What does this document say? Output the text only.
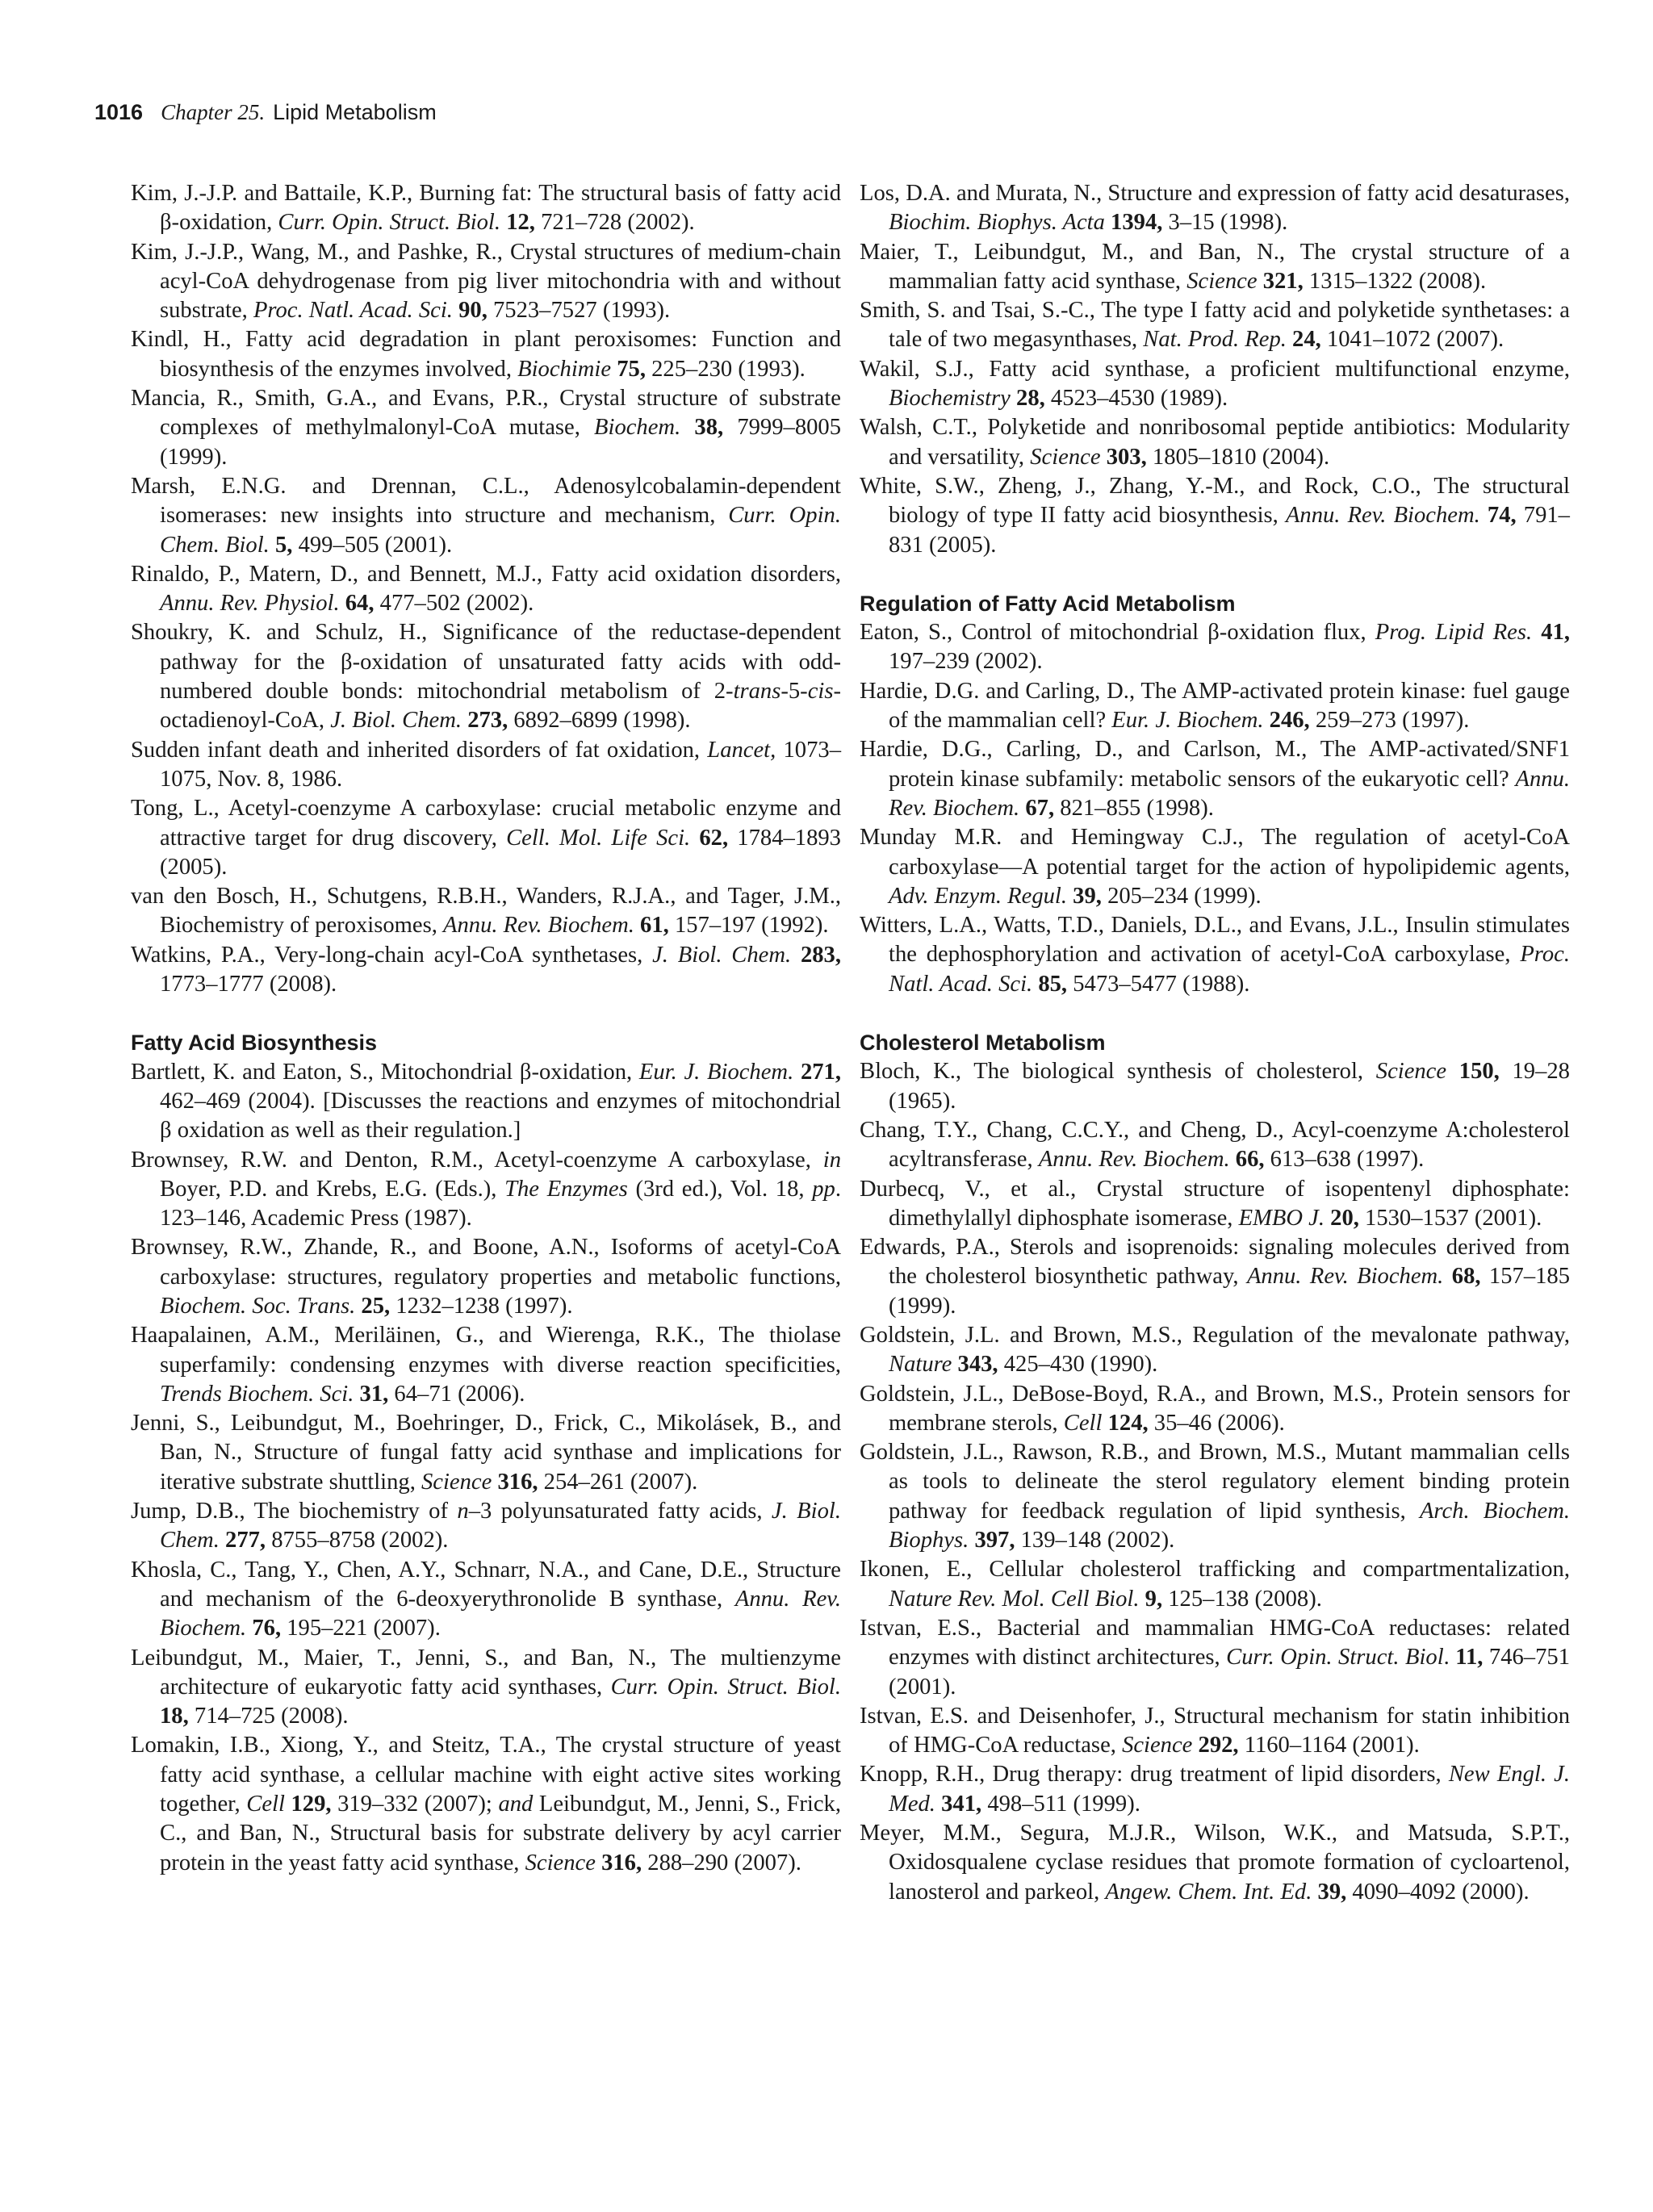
1016 Chapter 25. Lipid Metabolism
Kim, J.-J.P. and Battaile, K.P., Burning fat: The structural basis of fatty acid β-oxidation, Curr. Opin. Struct. Biol. 12, 721–728 (2002).
Kim, J.-J.P., Wang, M., and Pashke, R., Crystal structures of medium-chain acyl-CoA dehydrogenase from pig liver mitochondria with and without substrate, Proc. Natl. Acad. Sci. 90, 7523–7527 (1993).
Kindl, H., Fatty acid degradation in plant peroxisomes: Function and biosynthesis of the enzymes involved, Biochimie 75, 225–230 (1993).
Mancia, R., Smith, G.A., and Evans, P.R., Crystal structure of substrate complexes of methylmalonyl-CoA mutase, Biochem. 38, 7999–8005 (1999).
Marsh, E.N.G. and Drennan, C.L., Adenosylcobalamin-dependent isomerases: new insights into structure and mechanism, Curr. Opin. Chem. Biol. 5, 499–505 (2001).
Rinaldo, P., Matern, D., and Bennett, M.J., Fatty acid oxidation disorders, Annu. Rev. Physiol. 64, 477–502 (2002).
Shoukry, K. and Schulz, H., Significance of the reductase-dependent pathway for the β-oxidation of unsaturated fatty acids with odd-numbered double bonds: mitochondrial metabolism of 2-trans-5-cis-octadienoyl-CoA, J. Biol. Chem. 273, 6892–6899 (1998).
Sudden infant death and inherited disorders of fat oxidation, Lancet, 1073–1075, Nov. 8, 1986.
Tong, L., Acetyl-coenzyme A carboxylase: crucial metabolic enzyme and attractive target for drug discovery, Cell. Mol. Life Sci. 62, 1784–1893 (2005).
van den Bosch, H., Schutgens, R.B.H., Wanders, R.J.A., and Tager, J.M., Biochemistry of peroxisomes, Annu. Rev. Biochem. 61, 157–197 (1992).
Watkins, P.A., Very-long-chain acyl-CoA synthetases, J. Biol. Chem. 283, 1773–1777 (2008).
Fatty Acid Biosynthesis
Bartlett, K. and Eaton, S., Mitochondrial β-oxidation, Eur. J. Biochem. 271, 462–469 (2004). [Discusses the reactions and enzymes of mitochondrial β oxidation as well as their regulation.]
Brownsey, R.W. and Denton, R.M., Acetyl-coenzyme A carboxylase, in Boyer, P.D. and Krebs, E.G. (Eds.), The Enzymes (3rd ed.), Vol. 18, pp. 123–146, Academic Press (1987).
Brownsey, R.W., Zhande, R., and Boone, A.N., Isoforms of acetyl-CoA carboxylase: structures, regulatory properties and metabolic functions, Biochem. Soc. Trans. 25, 1232–1238 (1997).
Haapalainen, A.M., Meriläinen, G., and Wierenga, R.K., The thiolase superfamily: condensing enzymes with diverse reaction specificities, Trends Biochem. Sci. 31, 64–71 (2006).
Jenni, S., Leibundgut, M., Boehringer, D., Frick, C., Mikolásek, B., and Ban, N., Structure of fungal fatty acid synthase and implications for iterative substrate shuttling, Science 316, 254–261 (2007).
Jump, D.B., The biochemistry of n–3 polyunsaturated fatty acids, J. Biol. Chem. 277, 8755–8758 (2002).
Khosla, C., Tang, Y., Chen, A.Y., Schnarr, N.A., and Cane, D.E., Structure and mechanism of the 6-deoxyerythronolide B synthase, Annu. Rev. Biochem. 76, 195–221 (2007).
Leibundgut, M., Maier, T., Jenni, S., and Ban, N., The multienzyme architecture of eukaryotic fatty acid synthases, Curr. Opin. Struct. Biol. 18, 714–725 (2008).
Lomakin, I.B., Xiong, Y., and Steitz, T.A., The crystal structure of yeast fatty acid synthase, a cellular machine with eight active sites working together, Cell 129, 319–332 (2007); and Leibundgut, M., Jenni, S., Frick, C., and Ban, N., Structural basis for substrate delivery by acyl carrier protein in the yeast fatty acid synthase, Science 316, 288–290 (2007).
Los, D.A. and Murata, N., Structure and expression of fatty acid desaturases, Biochim. Biophys. Acta 1394, 3–15 (1998).
Maier, T., Leibundgut, M., and Ban, N., The crystal structure of a mammalian fatty acid synthase, Science 321, 1315–1322 (2008).
Smith, S. and Tsai, S.-C., The type I fatty acid and polyketide synthetases: a tale of two megasynthases, Nat. Prod. Rep. 24, 1041–1072 (2007).
Wakil, S.J., Fatty acid synthase, a proficient multifunctional enzyme, Biochemistry 28, 4523–4530 (1989).
Walsh, C.T., Polyketide and nonribosomal peptide antibiotics: Modularity and versatility, Science 303, 1805–1810 (2004).
White, S.W., Zheng, J., Zhang, Y.-M., and Rock, C.O., The structural biology of type II fatty acid biosynthesis, Annu. Rev. Biochem. 74, 791–831 (2005).
Regulation of Fatty Acid Metabolism
Eaton, S., Control of mitochondrial β-oxidation flux, Prog. Lipid Res. 41, 197–239 (2002).
Hardie, D.G. and Carling, D., The AMP-activated protein kinase: fuel gauge of the mammalian cell? Eur. J. Biochem. 246, 259–273 (1997).
Hardie, D.G., Carling, D., and Carlson, M., The AMP-activated/SNF1 protein kinase subfamily: metabolic sensors of the eukaryotic cell? Annu. Rev. Biochem. 67, 821–855 (1998).
Munday M.R. and Hemingway C.J., The regulation of acetyl-CoA carboxylase—A potential target for the action of hypolipidemic agents, Adv. Enzym. Regul. 39, 205–234 (1999).
Witters, L.A., Watts, T.D., Daniels, D.L., and Evans, J.L., Insulin stimulates the dephosphorylation and activation of acetyl-CoA carboxylase, Proc. Natl. Acad. Sci. 85, 5473–5477 (1988).
Cholesterol Metabolism
Bloch, K., The biological synthesis of cholesterol, Science 150, 19–28 (1965).
Chang, T.Y., Chang, C.C.Y., and Cheng, D., Acyl-coenzyme A:cholesterol acyltransferase, Annu. Rev. Biochem. 66, 613–638 (1997).
Durbecq, V., et al., Crystal structure of isopentenyl diphosphate: dimethylallyl diphosphate isomerase, EMBO J. 20, 1530–1537 (2001).
Edwards, P.A., Sterols and isoprenoids: signaling molecules derived from the cholesterol biosynthetic pathway, Annu. Rev. Biochem. 68, 157–185 (1999).
Goldstein, J.L. and Brown, M.S., Regulation of the mevalonate pathway, Nature 343, 425–430 (1990).
Goldstein, J.L., DeBose-Boyd, R.A., and Brown, M.S., Protein sensors for membrane sterols, Cell 124, 35–46 (2006).
Goldstein, J.L., Rawson, R.B., and Brown, M.S., Mutant mammalian cells as tools to delineate the sterol regulatory element binding protein pathway for feedback regulation of lipid synthesis, Arch. Biochem. Biophys. 397, 139–148 (2002).
Ikonen, E., Cellular cholesterol trafficking and compartmentalization, Nature Rev. Mol. Cell Biol. 9, 125–138 (2008).
Istvan, E.S., Bacterial and mammalian HMG-CoA reductases: related enzymes with distinct architectures, Curr. Opin. Struct. Biol. 11, 746–751 (2001).
Istvan, E.S. and Deisenhofer, J., Structural mechanism for statin inhibition of HMG-CoA reductase, Science 292, 1160–1164 (2001).
Knopp, R.H., Drug therapy: drug treatment of lipid disorders, New Engl. J. Med. 341, 498–511 (1999).
Meyer, M.M., Segura, M.J.R., Wilson, W.K., and Matsuda, S.P.T., Oxidosqualene cyclase residues that promote formation of cycloartenol, lanosterol and parkeol, Angew. Chem. Int. Ed. 39, 4090–4092 (2000).
